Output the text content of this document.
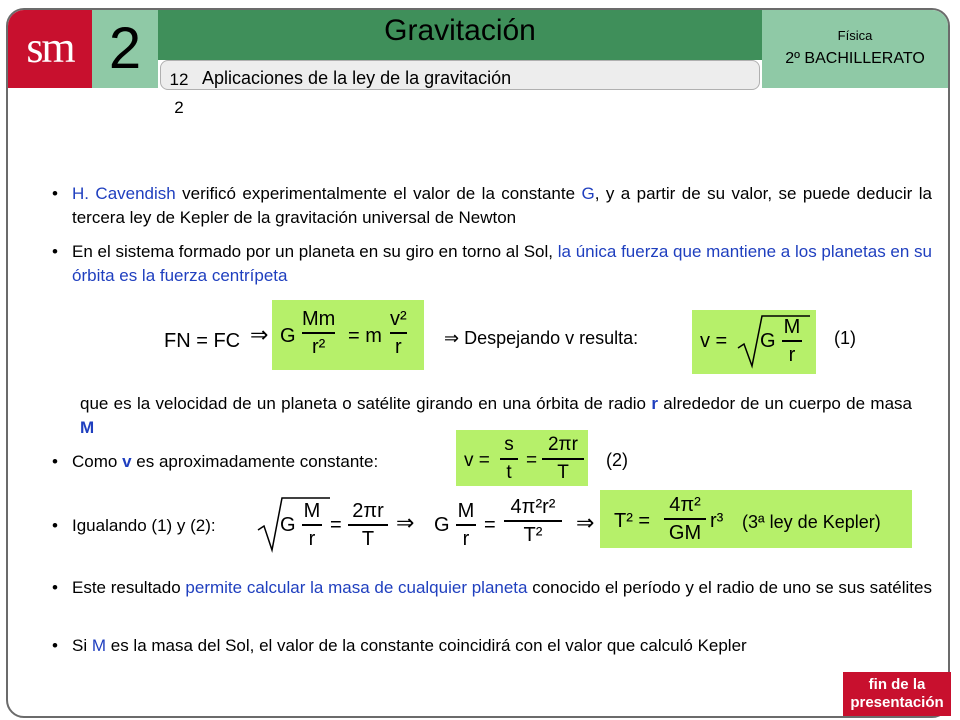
sm 2	Gravitación	Física
2º BACHILLERATO
12 2
Aplicaciones de la ley de la gravitación
• H. Cavendish verificó experimentalmente el valor de la constante G, y a partir de su valor, se puede deducir la tercera ley de Kepler de la gravitación universal de Newton
• En el sistema formado por un planeta en su giro en torno al Sol, la única fuerza que mantiene a los planetas en su órbita es la fuerza centrípeta
FN = FC ⇒ G
Mm
r² = m
v²
r ⇒ Despejando v resulta:	v = G
M
r
(1)
que es la velocidad de un planeta o satélite girando en una órbita de radio r alrededor de un cuerpo de masa M
• Como v es aproximadamente constante:	v =
s
t
=
2πr
T
(2)
• Igualando (1) y (2):	G
M
r
=
2πr
T
⇒ G
M
r
=
4π²r²
T² ⇒ T² =
4π²
GM
r³ (3ª ley de Kepler)
• Este resultado permite calcular la masa de cualquier planeta conocido el período y el radio de uno se sus satélites
• Si M es la masa del Sol, el valor de la constante coincidirá con el valor que calculó Kepler
fin de la presentación
